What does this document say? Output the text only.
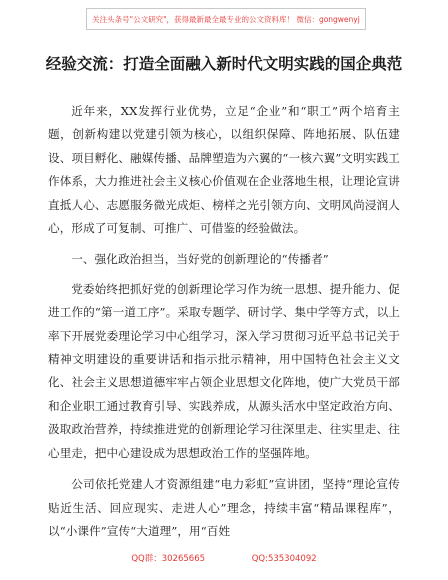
关注头条号"公文研究"，获得最新最全最专业的公文资料库！ 微信：gongwenyj
经验交流：打造全面融入新时代文明实践的国企典范

近年来，XX发挥行业优势，立足“企业”和“职工”两个培育主题，创新构建以党建引领为核心，以组织保障、阵地拓展、队伍建设、项目孵化、融媒传播、品牌塑造为六翼的“一核六翼”文明实践工作体系，大力推进社会主义核心价值观在企业落地生根，让理论宣讲直抵人心、志愿服务微光成炬、榜样之光引领方向、文明风尚浸润人心，形成了可复制、可推广、可借鉴的经验做法。

一、强化政治担当，当好党的创新理论的“传播者”

党委始终把抓好党的创新理论学习作为统一思想、提升能力、促进工作的“第一道工序”。采取专题学、研讨学、集中学等方式，以上率下开展党委理论学习中心组学习，深入学习贯彻习近平总书记关于精神文明建设的重要讲话和指示批示精神，用中国特色社会主义文化、社会主义思想道德牢牢占领企业思想文化阵地，使广大党员干部和企业职工通过教育引导、实践养成，从源头活水中坚定政治方向、汲取政治营养，持续推进党的创新理论学习往深里走、往实里走、往心里走，把中心建设成为思想政治工作的坚强阵地。

公司依托党建人才资源组建“电力彩虹”宣讲团，坚持“理论宣传贴近生活、回应现实、走进人心”理念，持续丰富“精品课程库”，以“小课件”宣传“大道理”，用“百姓

QQ群：30265665	QQ:535304092
